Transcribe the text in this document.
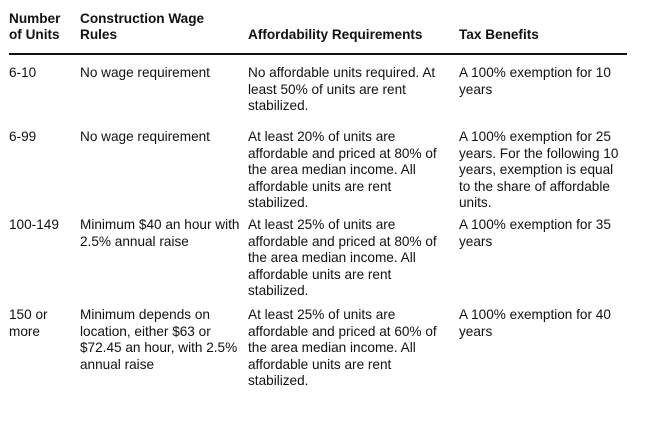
Number of Units	Construction Wage Rules	Affordability Requirements	Tax Benefits
6-10	No wage requirement	No affordable units required. At least 50% of units are rent stabilized.	A 100% exemption for 10 years
6-99	No wage requirement	At least 20% of units are affordable and priced at 80% of the area median income. All affordable units are rent stabilized.	A 100% exemption for 25 years. For the following 10 years, exemption is equal to the share of affordable units.
100-149	Minimum $40 an hour with 2.5% annual raise	At least 25% of units are affordable and priced at 80% of the area median income. All affordable units are rent stabilized.	A 100% exemption for 35 years
150 or more	Minimum depends on location, either $63 or $72.45 an hour, with 2.5% annual raise	At least 25% of units are affordable and priced at 60% of the area median income. All affordable units are rent stabilized.	A 100% exemption for 40 years
